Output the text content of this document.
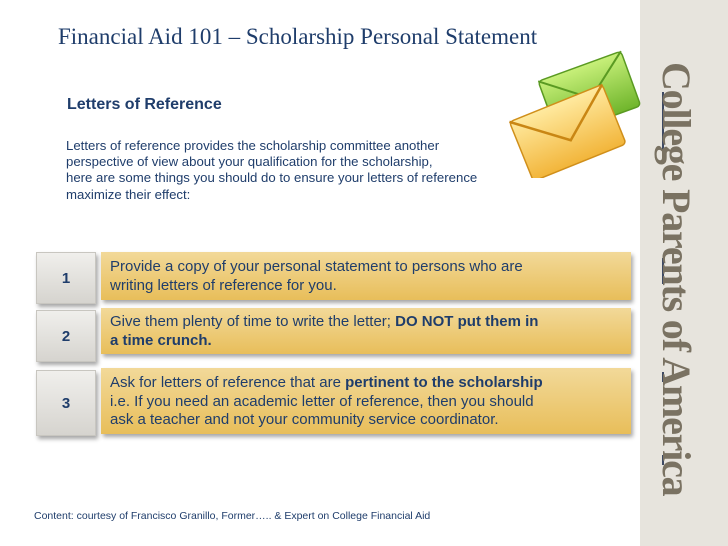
Financial Aid 101 – Scholarship Personal Statement
Letters of Reference
Letters of reference provides the scholarship committee another
perspective of view about your qualification for the scholarship,
here are some things you should do to ensure your letters of reference
maximize their effect:
1
Provide a copy of your personal statement to persons who are
writing letters of reference for you.
2
Give them plenty of time to write the letter; DO NOT put them in
a time crunch.
3
Ask for letters of reference that are pertinent to the scholarship
i.e. If you need an academic letter of reference, then you should
ask a teacher and not your community service coordinator.	College Parents of America
Content: courtesy of Francisco Granillo, Former….. & Expert on College Financial Aid
